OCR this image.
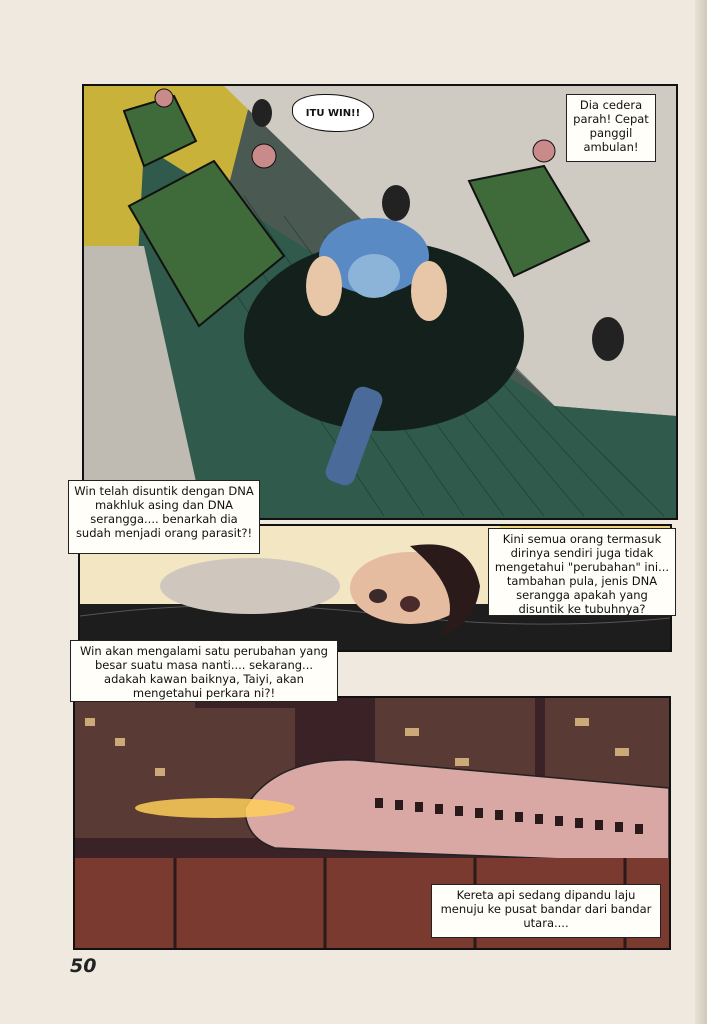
ITU WIN!!
Dia cedera parah! Cepat panggil ambulan!
Win telah disuntik dengan DNA makhluk asing dan DNA serangga.... benarkah dia sudah menjadi orang parasit?!	Kini semua orang termasuk dirinya sendiri juga tidak mengetahui "perubahan" ini... tambahan pula, jenis DNA serangga apakah yang disuntik ke tubuhnya?
Kereta api sedang dipandu laju menuju ke pusat bandar dari bandar utara....
Win akan mengalami satu perubahan yang besar suatu masa nanti.... sekarang... adakah kawan baiknya, Taiyi, akan mengetahui perkara ni?!
50
